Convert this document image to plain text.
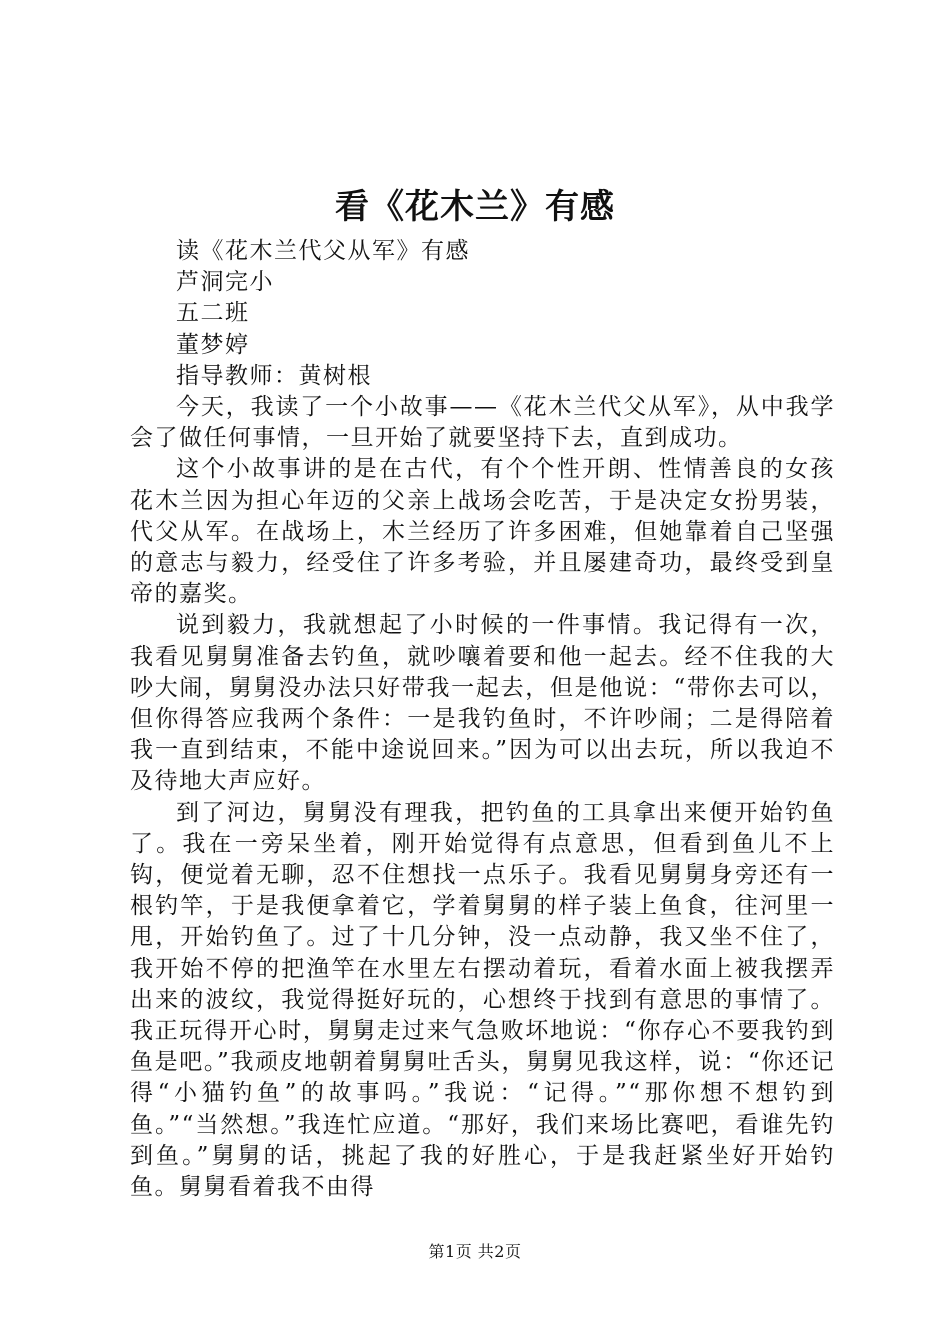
看《花木兰》有感

读《花木兰代父从军》有感

芦洞完小

五二班

董梦婷

指导教师：黄树根

今天，我读了一个小故事——《花木兰代父从军》，从中我学会了做任何事情，一旦开始了就要坚持下去，直到成功。

这个小故事讲的是在古代，有个个性开朗、性情善良的女孩花木兰因为担心年迈的父亲上战场会吃苦，于是决定女扮男装，代父从军。在战场上，木兰经历了许多困难，但她靠着自己坚强的意志与毅力，经受住了许多考验，并且屡建奇功，最终受到皇帝的嘉奖。

说到毅力，我就想起了小时候的一件事情。我记得有一次，我看见舅舅准备去钓鱼，就吵嚷着要和他一起去。经不住我的大吵大闹，舅舅没办法只好带我一起去，但是他说：“带你去可以，但你得答应我两个条件：一是我钓鱼时，不许吵闹；二是得陪着我一直到结束，不能中途说回来。”因为可以出去玩，所以我迫不及待地大声应好。

到了河边，舅舅没有理我，把钓鱼的工具拿出来便开始钓鱼了。我在一旁呆坐着，刚开始觉得有点意思，但看到鱼儿不上钩，便觉着无聊，忍不住想找一点乐子。我看见舅舅身旁还有一根钓竿，于是我便拿着它，学着舅舅的样子装上鱼食，往河里一甩，开始钓鱼了。过了十几分钟，没一点动静，我又坐不住了，我开始不停的把渔竿在水里左右摆动着玩，看着水面上被我摆弄出来的波纹，我觉得挺好玩的，心想终于找到有意思的事情了。我正玩得开心时，舅舅走过来气急败坏地说：“你存心不要我钓到鱼是吧。”我顽皮地朝着舅舅吐舌头，舅舅见我这样，说：“你还记得“小猫钓鱼”的故事吗。”我说：“记得。”“那你想不想钓到鱼。”“当然想。”我连忙应道。“那好，我们来场比赛吧，看谁先钓到鱼。”舅舅的话，挑起了我的好胜心，于是我赶紧坐好开始钓鱼。舅舅看着我不由得

第1页 共2页
